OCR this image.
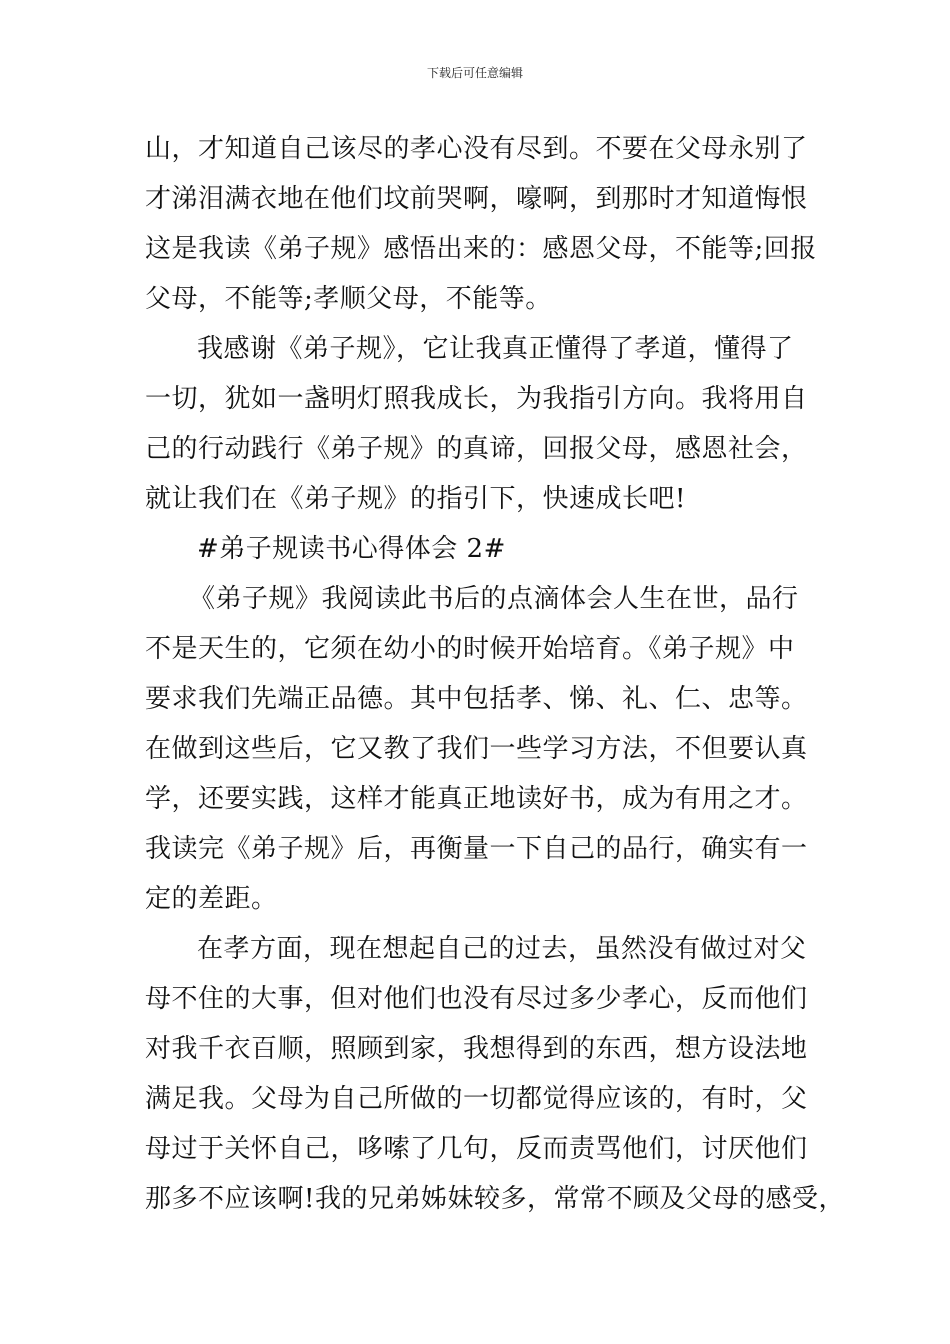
下载后可任意编辑
山，才知道自己该尽的孝心没有尽到。不要在父母永别了
才涕泪满衣地在他们坟前哭啊，嚎啊，到那时才知道悔恨
这是我读《弟子规》感悟出来的：感恩父母，不能等;回报
父母，不能等;孝顺父母，不能等。
我感谢《弟子规》，它让我真正懂得了孝道，懂得了
一切，犹如一盏明灯照我成长，为我指引方向。我将用自
己的行动践行《弟子规》的真谛，回报父母，感恩社会，
就让我们在《弟子规》的指引下，快速成长吧!
#弟子规读书心得体会 2#
《弟子规》我阅读此书后的点滴体会人生在世，品行
不是天生的，它须在幼小的时候开始培育。《弟子规》中
要求我们先端正品德。其中包括孝、悌、礼、仁、忠等。
在做到这些后，它又教了我们一些学习方法，不但要认真
学，还要实践，这样才能真正地读好书，成为有用之才。
我读完《弟子规》后，再衡量一下自己的品行，确实有一
定的差距。
在孝方面，现在想起自己的过去，虽然没有做过对父
母不住的大事，但对他们也没有尽过多少孝心，反而他们
对我千衣百顺，照顾到家，我想得到的东西，想方设法地
满足我。父母为自己所做的一切都觉得应该的，有时，父
母过于关怀自己，哆嗦了几句，反而责骂他们，讨厌他们
那多不应该啊!我的兄弟姊妹较多，常常不顾及父母的感受，
